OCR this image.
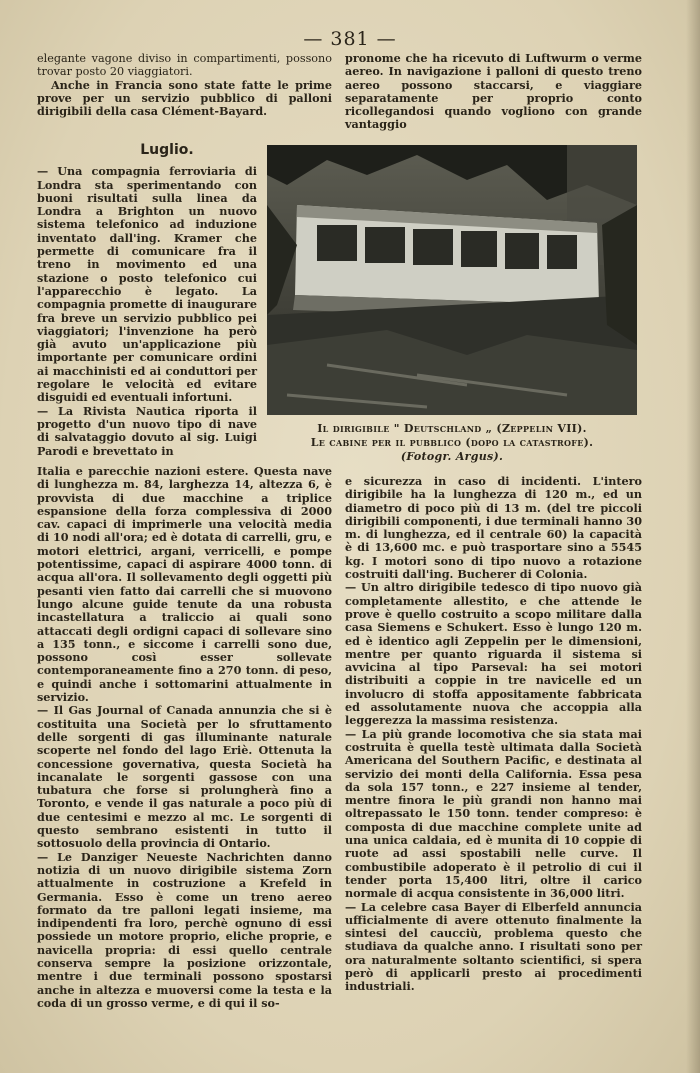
— 381 —

elegante vagone diviso in compartimenti, possono trovar posto 20 viaggiatori.

Anche in Francia sono state fatte le prime prove per un servizio pubblico di palloni dirigibili della casa Clément-Bayard.

pronome che ha ricevuto di Luftwurm o verme aereo. In navigazione i palloni di questo treno aereo possono staccarsi, e viaggiare separatamente per proprio conto ricollegandosi quando vogliono con grande vantaggio

Luglio.

— Una compagnia ferroviaria di Londra sta sperimentando con buoni risultati sulla linea da Londra a Brighton un nuovo sistema telefonico ad induzione inventato dall'ing. Kramer che permette di comunicare fra il treno in movimento ed una stazione o posto telefonico cui l'apparecchio è legato. La compagnia promette di inaugurare fra breve un servizio pubblico pei viaggiatori; l'invenzione ha però già avuto un'applicazione più importante per comunicare ordini ai macchinisti ed ai conduttori per regolare le velocità ed evitare disguidi ed eventuali infortuni.

— La Rivista Nautica riporta il progetto d'un nuovo tipo di nave di salvataggio dovuto al sig. Luigi Parodi e brevettato in

Il dirigibile " Deutschland „ (Zeppelin VII).
Le cabine per il pubblico (dopo la catastrofe).
(Fotogr. Argus).

Italia e parecchie nazioni estere. Questa nave di lunghezza m. 84, larghezza 14, altezza 6, è provvista di due macchine a triplice espansione della forza complessiva di 2000 cav. capaci di imprimerle una velocità media di 10 nodi all'ora; ed è dotata di carrelli, gru, e motori elettrici, argani, verricelli, e pompe potentissime, capaci di aspirare 4000 tonn. di acqua all'ora. Il sollevamento degli oggetti più pesanti vien fatto dai carrelli che si muovono lungo alcune guide tenute da una robusta incastellatura a traliccio ai quali sono attaccati degli ordigni capaci di sollevare sino a 135 tonn., e siccome i carrelli sono due, possono così esser sollevate contemporaneamente fino a 270 tonn. di peso, e quindi anche i sottomarini attualmente in servizio.

— Il Gas Journal of Canada annunzia che si è costituita una Società per lo sfruttamento delle sorgenti di gas illuminante naturale scoperte nel fondo del lago Eriè. Ottenuta la concessione governativa, questa Società ha incanalate le sorgenti gassose con una tubatura che forse si prolungherà fino a Toronto, e vende il gas naturale a poco più di due centesimi e mezzo al mc. Le sorgenti di questo sembrano esistenti in tutto il sottosuolo della provincia di Ontario.

— Le Danziger Neueste Nachrichten danno notizia di un nuovo dirigibile sistema Zorn attualmente in costruzione a Krefeld in Germania. Esso è come un treno aereo formato da tre palloni legati insieme, ma indipendenti fra loro, perchè ognuno di essi possiede un motore proprio, eliche proprie, e navicella propria: di essi quello centrale conserva sempre la posizione orizzontale, mentre i due terminali possono spostarsi anche in altezza e muoversi come la testa e la coda di un grosso verme, e di qui il so-

e sicurezza in caso di incidenti. L'intero dirigibile ha la lunghezza di 120 m., ed un diametro di poco più di 13 m. (del tre piccoli dirigibili componenti, i due terminali hanno 30 m. di lunghezza, ed il centrale 60) la capacità è di 13,600 mc. e può trasportare sino a 5545 kg. I motori sono di tipo nuovo a rotazione costruiti dall'ing. Bucherer di Colonia.

— Un altro dirigibile tedesco di tipo nuovo già completamente allestito, e che attende le prove è quello costruito a scopo militare dalla casa Siemens e Schukert. Esso è lungo 120 m. ed è identico agli Zeppelin per le dimensioni, mentre per quanto riguarda il sistema si avvicina al tipo Parseval: ha sei motori distribuiti a coppie in tre navicelle ed un involucro di stoffa appositamente fabbricata ed assolutamente nuova che accoppia alla leggerezza la massima resistenza.

— La più grande locomotiva che sia stata mai costruita è quella testè ultimata dalla Società Americana del Southern Pacific, e destinata al servizio dei monti della California. Essa pesa da sola 157 tonn., e 227 insieme al tender, mentre finora le più grandi non hanno mai oltrepassato le 150 tonn. tender compreso: è composta di due macchine complete unite ad una unica caldaia, ed è munita di 10 coppie di ruote ad assi spostabili nelle curve. Il combustibile adoperato è il petrolio di cui il tender porta 15,400 litri, oltre il carico normale di acqua consistente in 36,000 litri.

— La celebre casa Bayer di Elberfeld annuncia ufficialmente di avere ottenuto finalmente la sintesi del caucciù, problema questo che studiava da qualche anno. I risultati sono per ora naturalmente soltanto scientifici, si spera però di applicarli presto ai procedimenti industriali.
